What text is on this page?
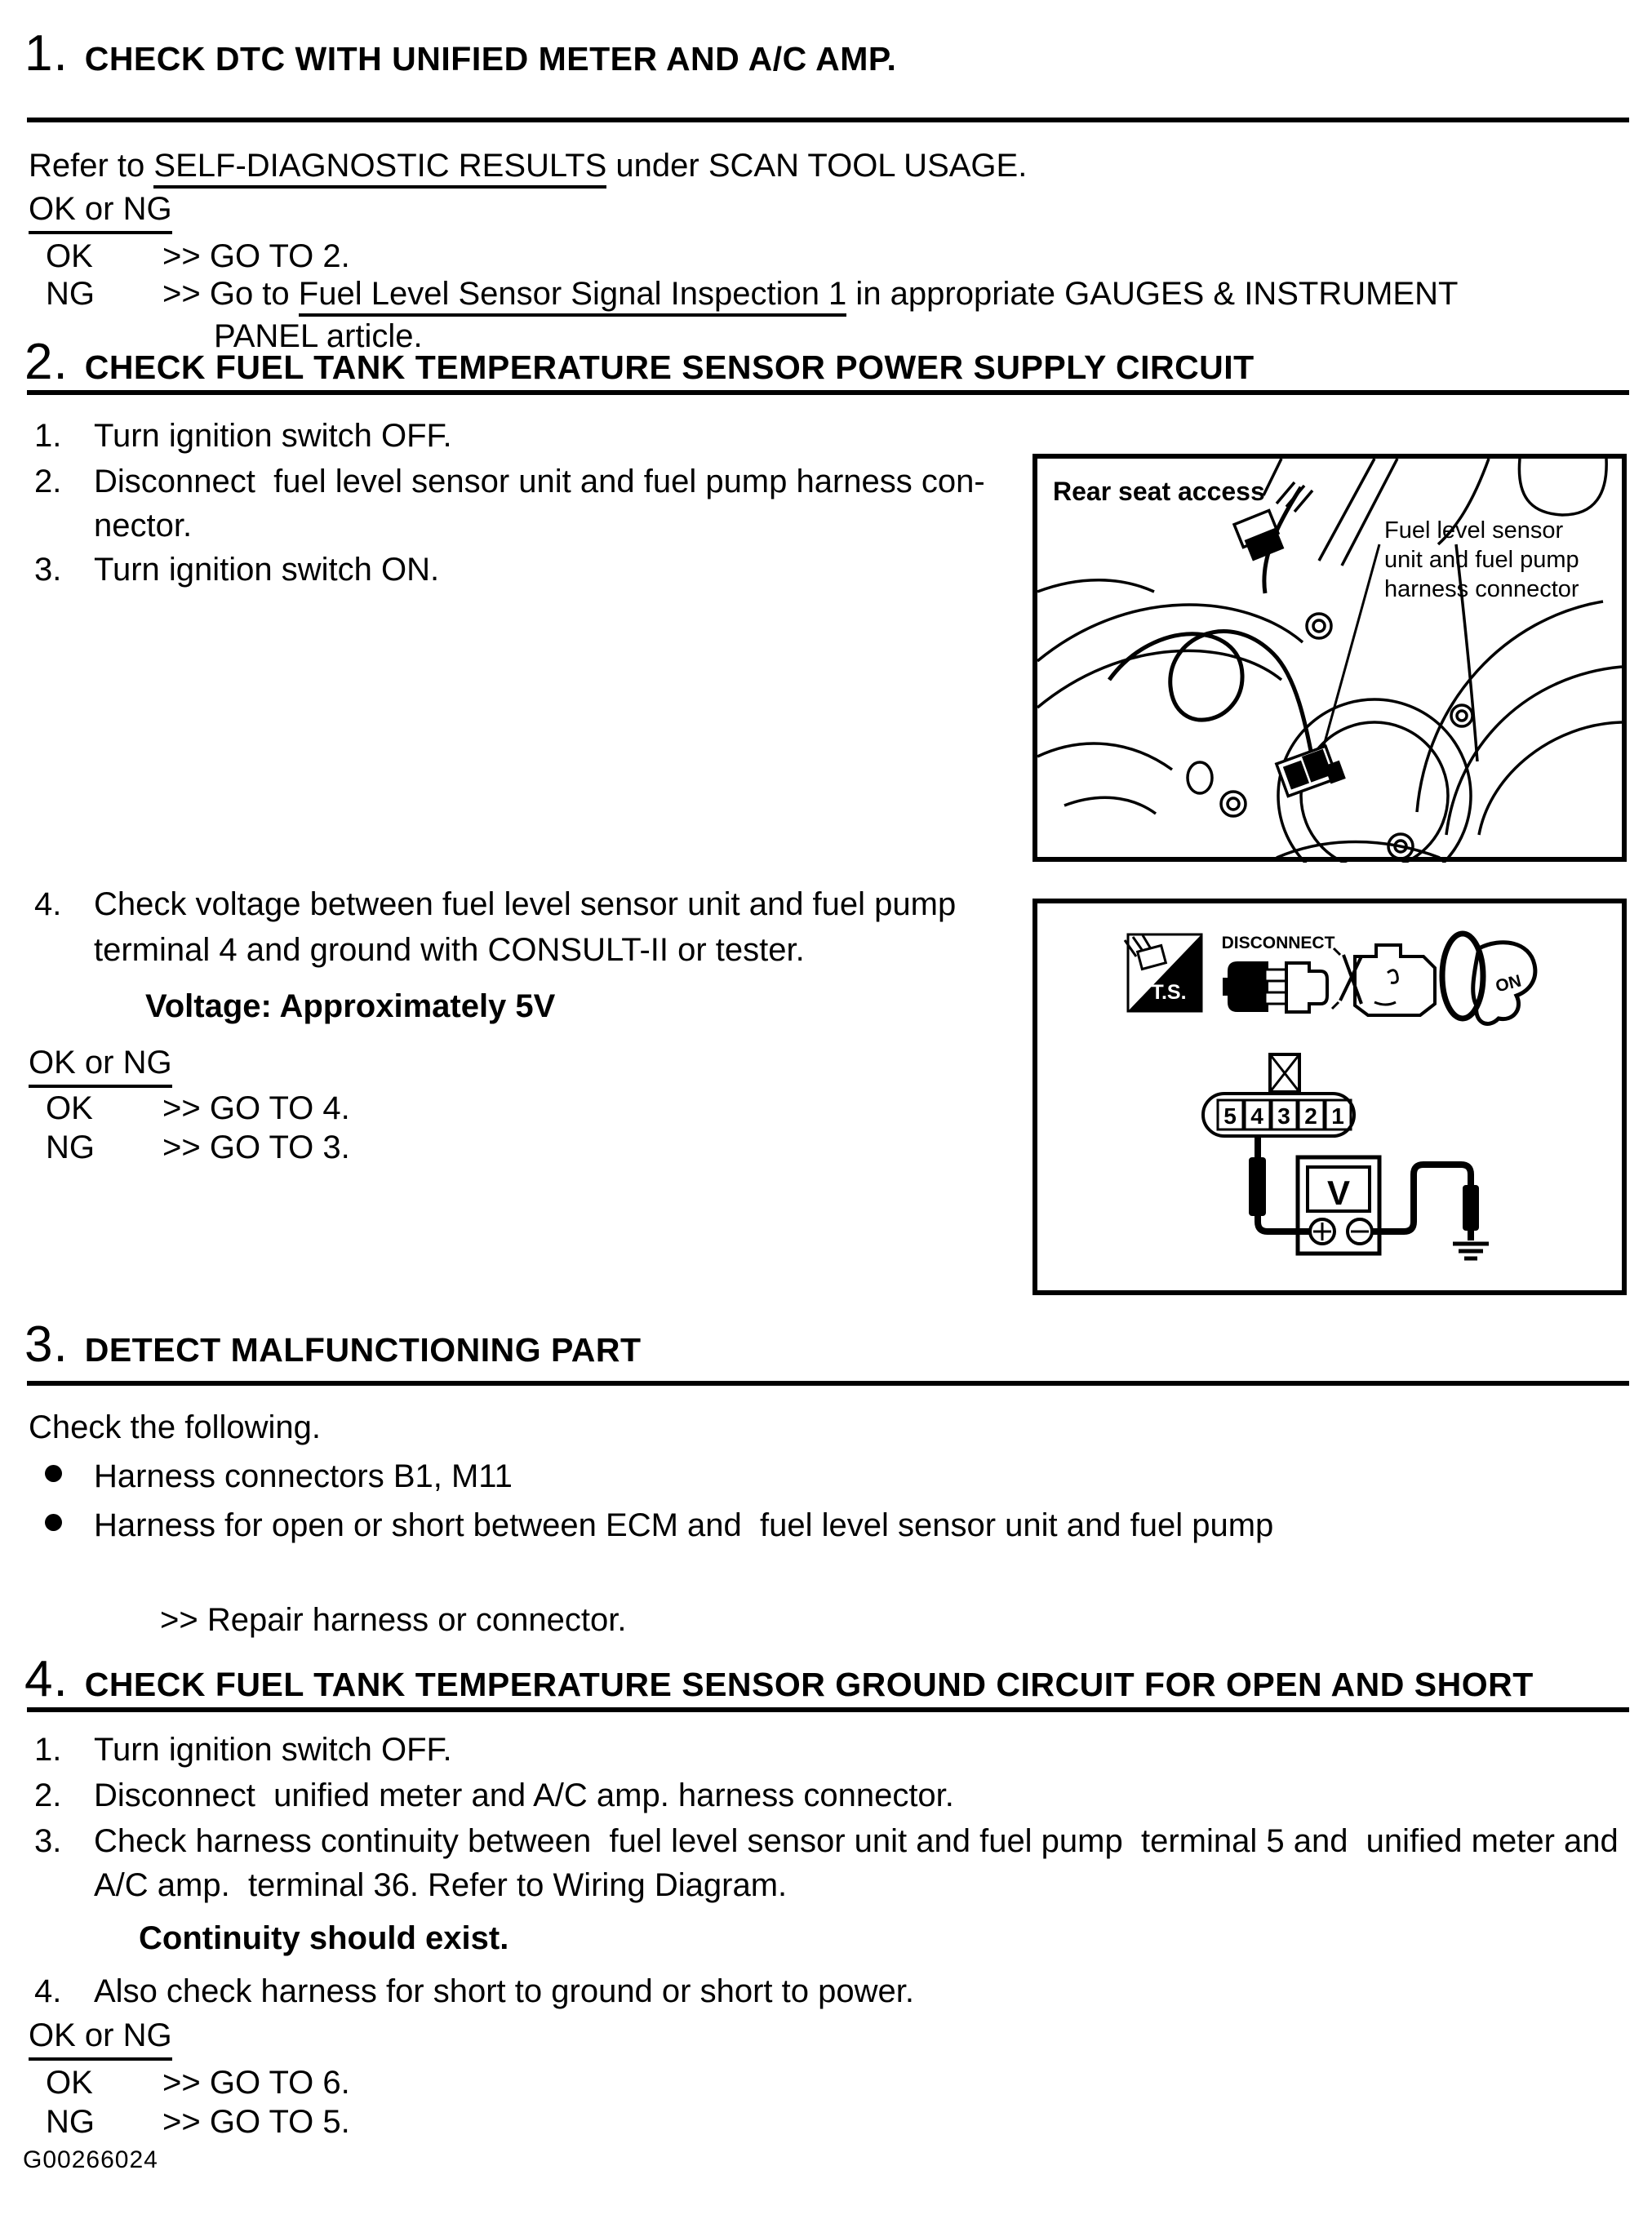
1. CHECK DTC WITH UNIFIED METER AND A/C AMP.
Refer to SELF-DIAGNOSTIC RESULTS under SCAN TOOL USAGE.
OK or NG
OK >> GO TO 2.
NG >> Go to Fuel Level Sensor Signal Inspection 1 in appropriate GAUGES & INSTRUMENT
PANEL article.
2. CHECK FUEL TANK TEMPERATURE SENSOR POWER SUPPLY CIRCUIT
1. Turn ignition switch OFF.
2. Disconnect  fuel level sensor unit and fuel pump harness con-
nector.
3. Turn ignition switch ON.
4. Check voltage between fuel level sensor unit and fuel pump
terminal 4 and ground with CONSULT-II or tester.
Voltage: Approximately 5V
OK or NG
OK >> GO TO 4.
NG >> GO TO 3.
Rear seat access
Fuel level sensor
unit and fuel pump
harness connector
T.S.
DISCONNECT
ON
5 4 3 2 1
V
3. DETECT MALFUNCTIONING PART
Check the following.
Harness connectors B1, M11
Harness for open or short between ECM and  fuel level sensor unit and fuel pump
>> Repair harness or connector.
4. CHECK FUEL TANK TEMPERATURE SENSOR GROUND CIRCUIT FOR OPEN AND SHORT
1. Turn ignition switch OFF.
2. Disconnect  unified meter and A/C amp. harness connector.
3. Check harness continuity between  fuel level sensor unit and fuel pump  terminal 5 and  unified meter and
A/C amp.  terminal 36. Refer to Wiring Diagram.
Continuity should exist.
4. Also check harness for short to ground or short to power.
OK or NG
OK >> GO TO 6.
NG >> GO TO 5.
G00266024
